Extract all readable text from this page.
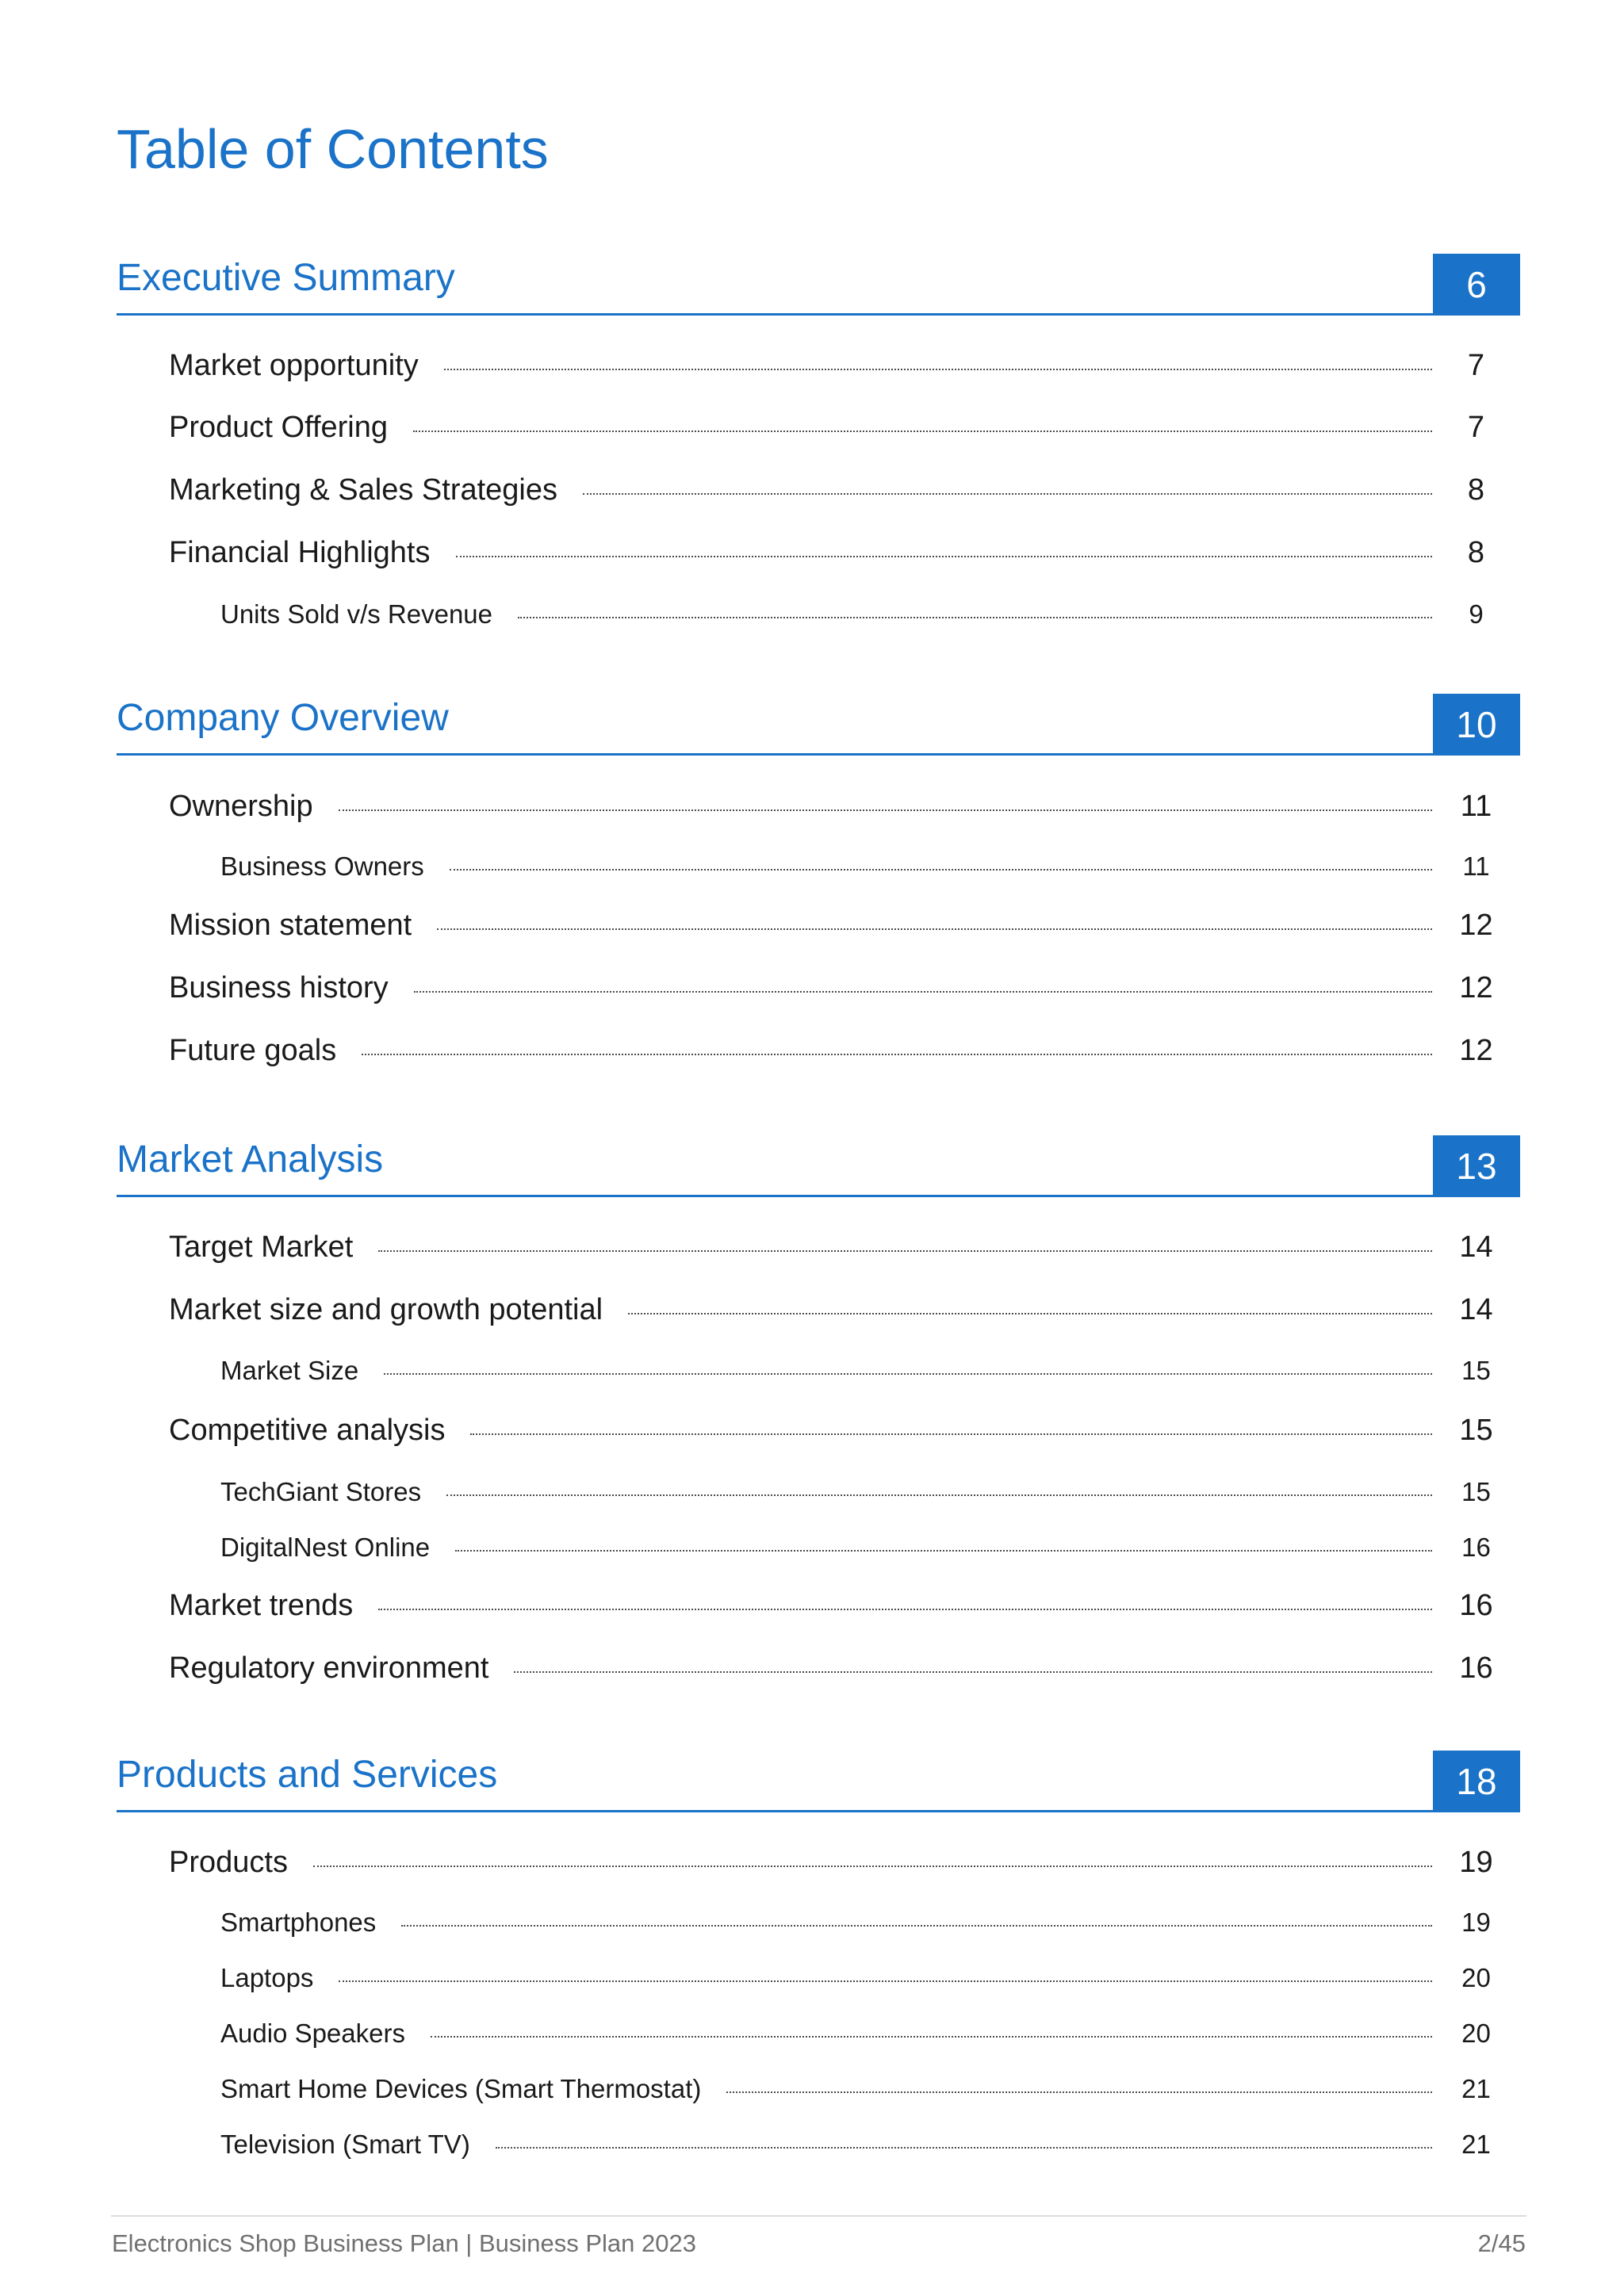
Table of Contents
Executive Summary	6
Market opportunity	7
Product Offering	7
Marketing & Sales Strategies	8
Financial Highlights	8
Units Sold v/s Revenue	9
Company Overview	10
Ownership	11
Business Owners	11
Mission statement	12
Business history	12
Future goals	12
Market Analysis	13
Target Market	14
Market size and growth potential	14
Market Size	15
Competitive analysis	15
TechGiant Stores	15
DigitalNest Online	16
Market trends	16
Regulatory environment	16
Products and Services	18
Products	19
Smartphones	19
Laptops	20
Audio Speakers	20
Smart Home Devices (Smart Thermostat)	21
Television (Smart TV)	21
Electronics Shop Business Plan | Business Plan 2023	2/45
